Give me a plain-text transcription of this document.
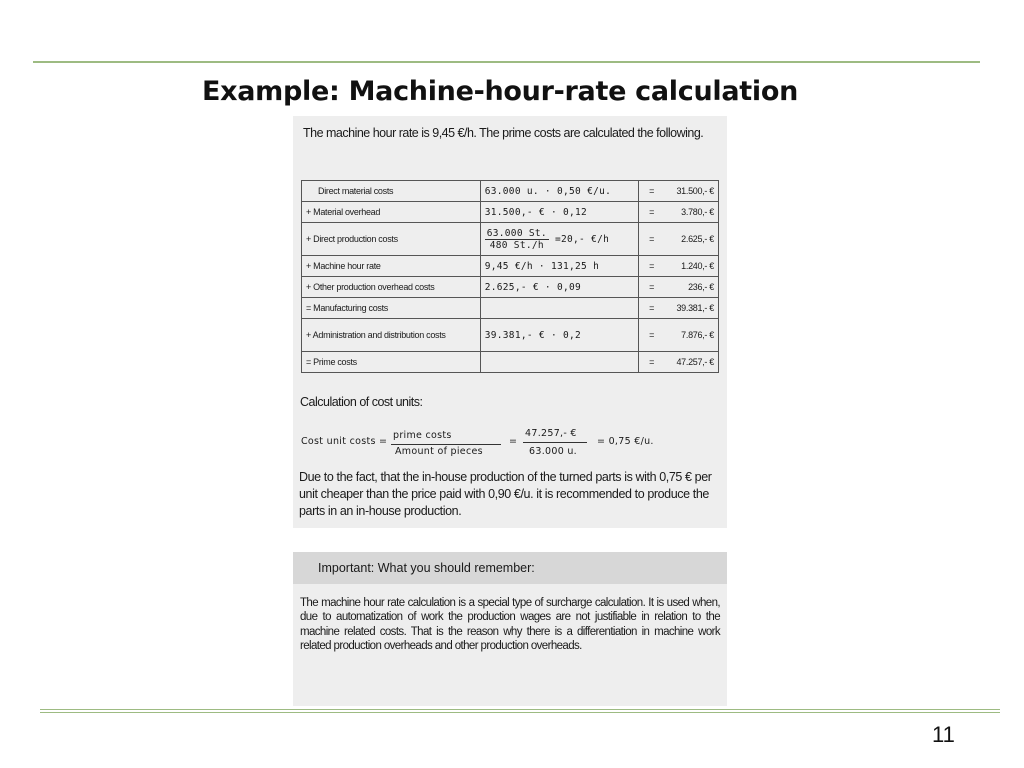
Example: Machine-hour-rate calculation
The machine hour rate is 9,45 €/h. The prime costs are calculated the following.
Direct material costs	63.000 u. · 0,50 €/u.	= 31.500,- €

+ Material overhead	31.500,- € · 0,12	= 3.780,- €

+ Direct production costs	$\frac{63.000 St.}{480 St./h} =20,-$ €/h	= 2.625,- €

+ Machine hour rate	9,45 €/h · 131,25 h	= 1.240,- €

+ Other production overhead costs	2.625,- € · 0,09	= 236,- €

= Manufacturing costs		= 39.381,- €

+ Administration and distribution costs	39.381,- € · 0,2	= 7.876,- €

= Prime costs		= 47.257,- €
Calculation of cost units:
Cost unit costs =
prime costs
Amount of pieces
=
47.257,- €
63.000 u.
= 0,75 €/u.
Due to the fact, that the in-house production of the turned parts is with 0,75 € per unit cheaper than the price paid with 0,90 €/u. it is recommended to produce the parts in an in-house production.
Important: What you should remember:
The machine hour rate calculation is a special type of surcharge calculation. It is used when, due to automatization of work the production wages are not justifiable in relation to the machine related costs. That is the reason why there is a differentiation in machine work related production overheads and other production overheads.
11
